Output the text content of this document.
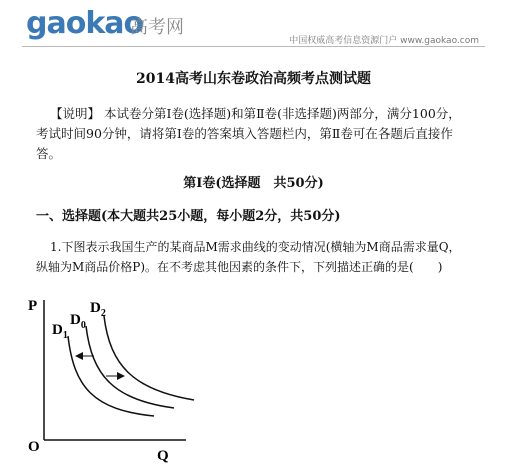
gaokao
高考网
中国权威高考信息资源门户 www.gaokao.com
2014高考山东卷政治高频考点测试题
【说明】 本试卷分第Ⅰ卷(选择题)和第Ⅱ卷(非选择题)两部分，满分100分，考试时间90分钟，请将第Ⅰ卷的答案填入答题栏内，第Ⅱ卷可在各题后直接作答。
第Ⅰ卷(选择题　共50分)
一、选择题(本大题共25小题，每小题2分，共50分)
1.下图表示我国生产的某商品M需求曲线的变动情况(横轴为M商品需求量Q，纵轴为M商品价格P)。在不考虑其他因素的条件下，下列描述正确的是(　　)
P
Q
O
$D_1$
$D_0$
$D_2$
